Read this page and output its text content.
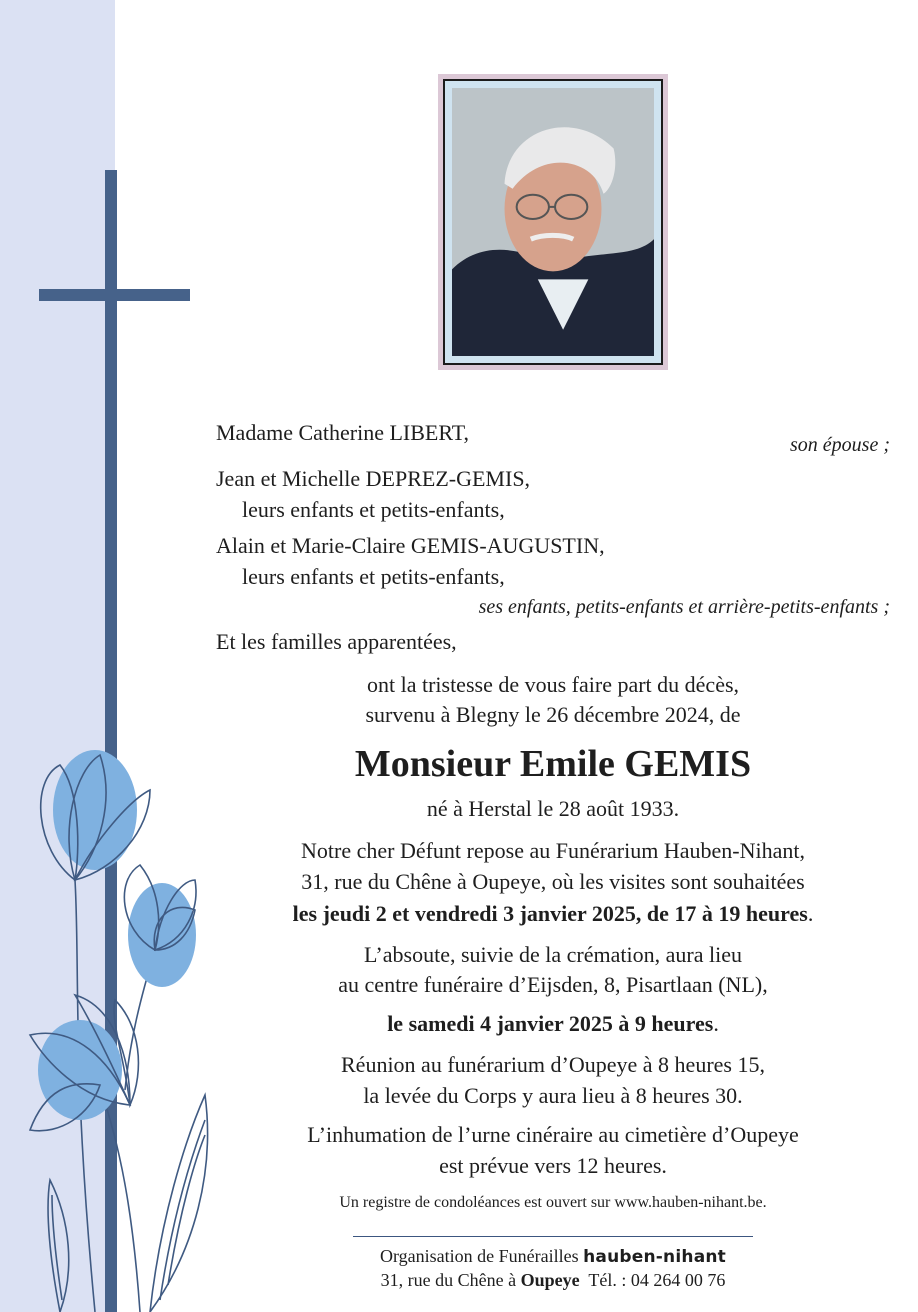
Madame Catherine LIBERT,	son épouse ;
Jean et Michelle DEPREZ-GEMIS,
leurs enfants et petits-enfants,
Alain et Marie-Claire GEMIS-AUGUSTIN,
leurs enfants et petits-enfants,
ses enfants, petits-enfants et arrière-petits-enfants ;
Et les familles apparentées,
ont la tristesse de vous faire part du décès,
survenu à Blegny le 26 décembre 2024, de
Monsieur Emile GEMIS
né à Herstal le 28 août 1933.
Notre cher Défunt repose au Funérarium Hauben-Nihant,
31, rue du Chêne à Oupeye, où les visites sont souhaitées
les jeudi 2 et vendredi 3 janvier 2025, de 17 à 19 heures.
L’absoute, suivie de la crémation, aura lieu
au centre funéraire d’Eijsden, 8, Pisartlaan (NL),
le samedi 4 janvier 2025 à 9 heures.
Réunion au funérarium d’Oupeye à 8 heures 15,
la levée du Corps y aura lieu à 8 heures 30.
L’inhumation de l’urne cinéraire au cimetière d’Oupeye
est prévue vers 12 heures.
Un registre de condoléances est ouvert sur www.hauben-nihant.be.
Organisation de Funérailles hauben-nihant
31, rue du Chêne à Oupeye Tél. : 04 264 00 76
